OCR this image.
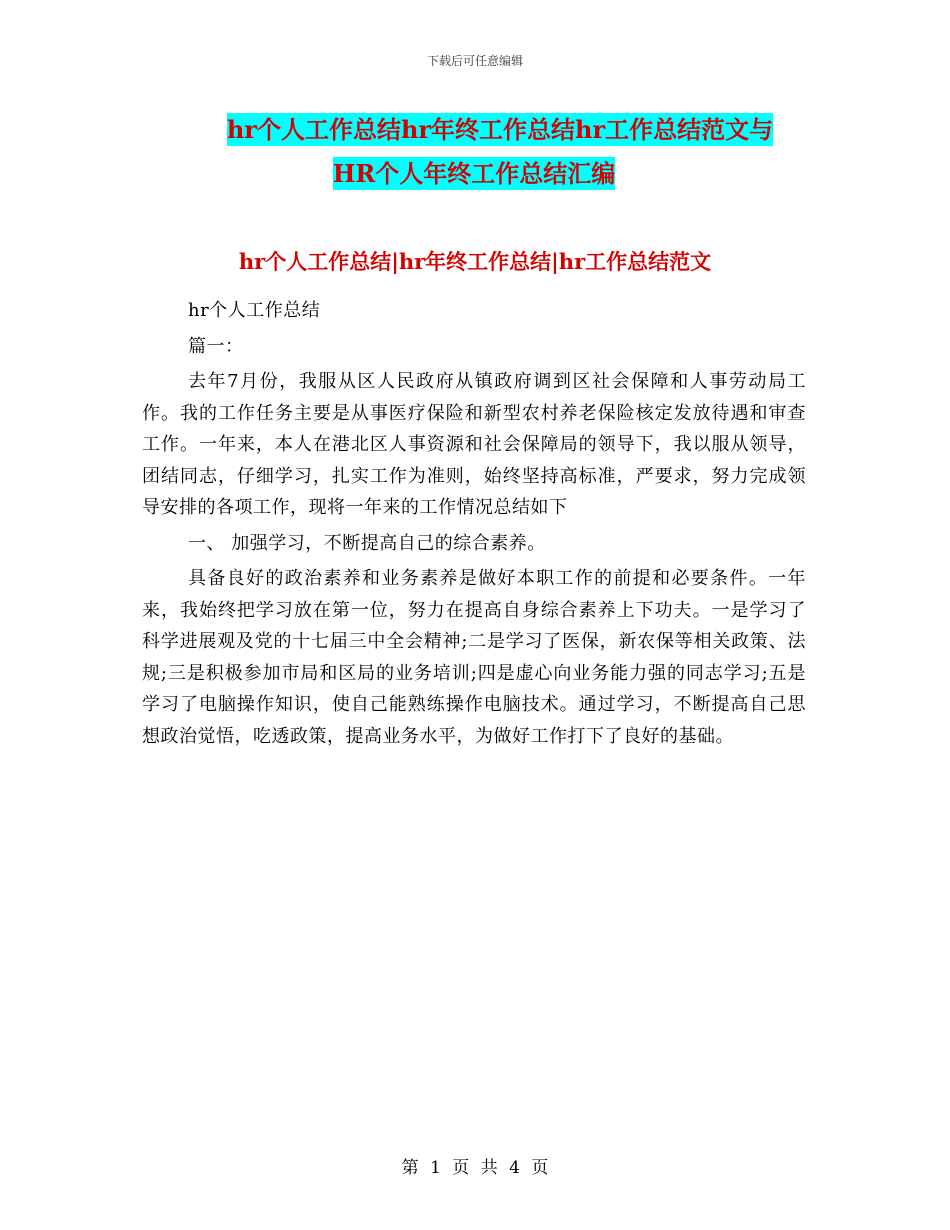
下载后可任意编辑
hr个人工作总结hr年终工作总结hr工作总结范文与
HR个人年终工作总结汇编
hr个人工作总结|hr年终工作总结|hr工作总结范文

hr个人工作总结

篇一：

去年7月份，我服从区人民政府从镇政府调到区社会保障和人事劳动局工作。我的工作任务主要是从事医疗保险和新型农村养老保险核定发放待遇和审查工作。一年来，本人在港北区人事资源和社会保障局的领导下，我以服从领导，团结同志，仔细学习，扎实工作为准则，始终坚持高标准，严要求，努力完成领导安排的各项工作，现将一年来的工作情况总结如下

一、 加强学习，不断提高自己的综合素养。

具备良好的政治素养和业务素养是做好本职工作的前提和必要条件。一年来，我始终把学习放在第一位，努力在提高自身综合素养上下功夫。一是学习了科学进展观及党的十七届三中全会精神;二是学习了医保，新农保等相关政策、法规;三是积极参加市局和区局的业务培训;四是虚心向业务能力强的同志学习;五是学习了电脑操作知识，使自己能熟练操作电脑技术。通过学习，不断提高自己思想政治觉悟，吃透政策，提高业务水平，为做好工作打下了良好的基础。

第 1 页 共 4 页
